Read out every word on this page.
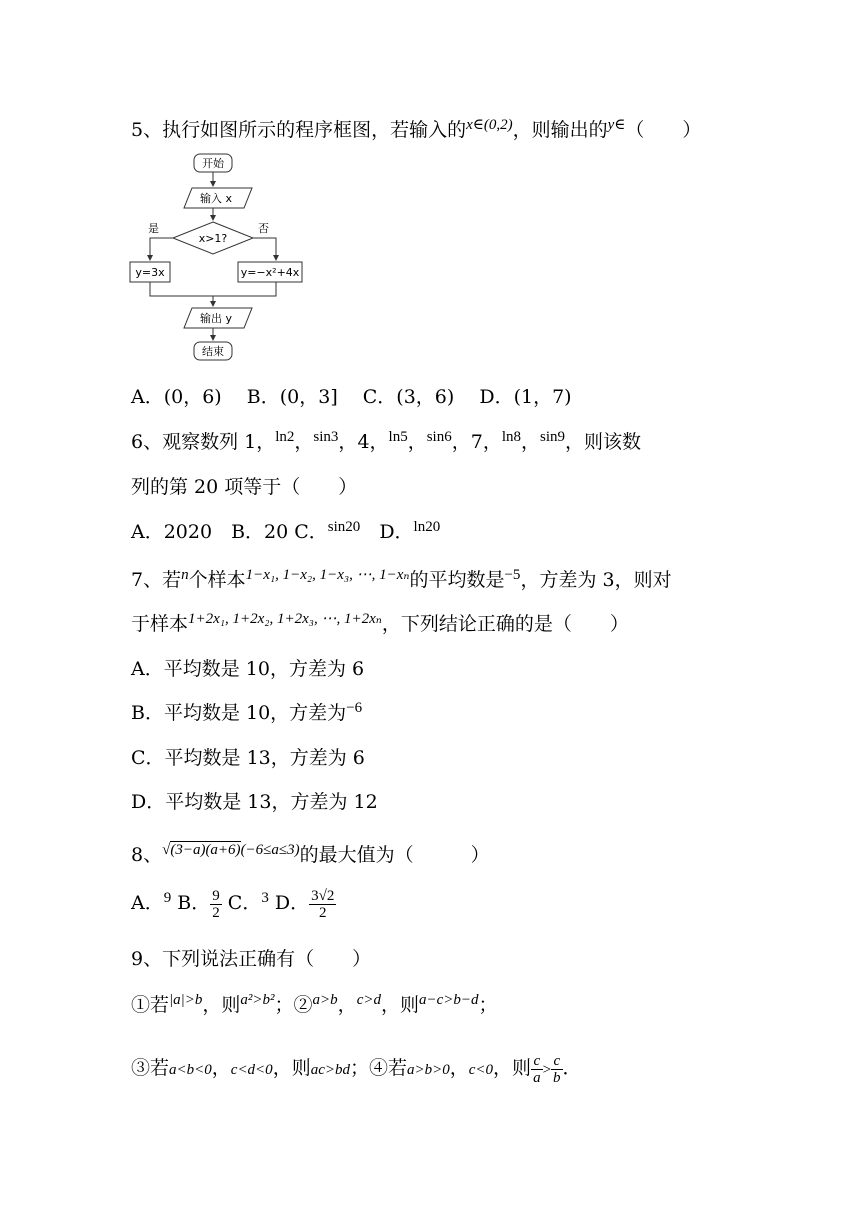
5、执行如图所示的程序框图，若输入的$^{x\in(0,2)}$，则输出的$^{y\in}$（　　）
开始
输入 x
x>1?
是	否
y=3x	y=−x²+4x
输出 y
结束
A．(0，6)　 B．(0，3]　 C．(3，6)　 D．(1，7)
6、观察数列 1，$^{ln2}$，$^{sin3}$，4，$^{ln5}$，$^{sin6}$，7，$^{ln8}$，$^{sin9}$，则该数
列的第 20 项等于（　　）
A．2020　B．20 C．$^{sin20}$　D．$^{ln20}$
7、若$^n$个样本$^{1-x_1, 1-x_2, 1-x_3, \cdots, 1-x_n}$的平均数是$^{-5}$，方差为 3，则对
于样本$^{1+2x_1, 1+2x_2, 1+2x_3, \cdots, 1+2x_n}$，下列结论正确的是（　　）
A．平均数是 10，方差为 6
B．平均数是 10，方差为$^{-6}$
C．平均数是 13，方差为 6
D．平均数是 13，方差为 12
8、$^{√(3-a)(a+6)(-6\le a\le 3)}$的最大值为（　　　）
A．$^9$ B． $\frac{9}{2}$ C．$^3$ D． $\frac{3√2}{2}$
9、下列说法正确有（　　）
①若$^{|a|>b}$，则$^{a^2>b^2}$；②$^{a>b}$，$^{c>d}$，则$^{a-c>b-d}$；
③若a<b<0，c<d<0，则ac>bd；④若a>b>0，c<0，则 $\frac{c}{a} > \frac{c}{b}$ ．
